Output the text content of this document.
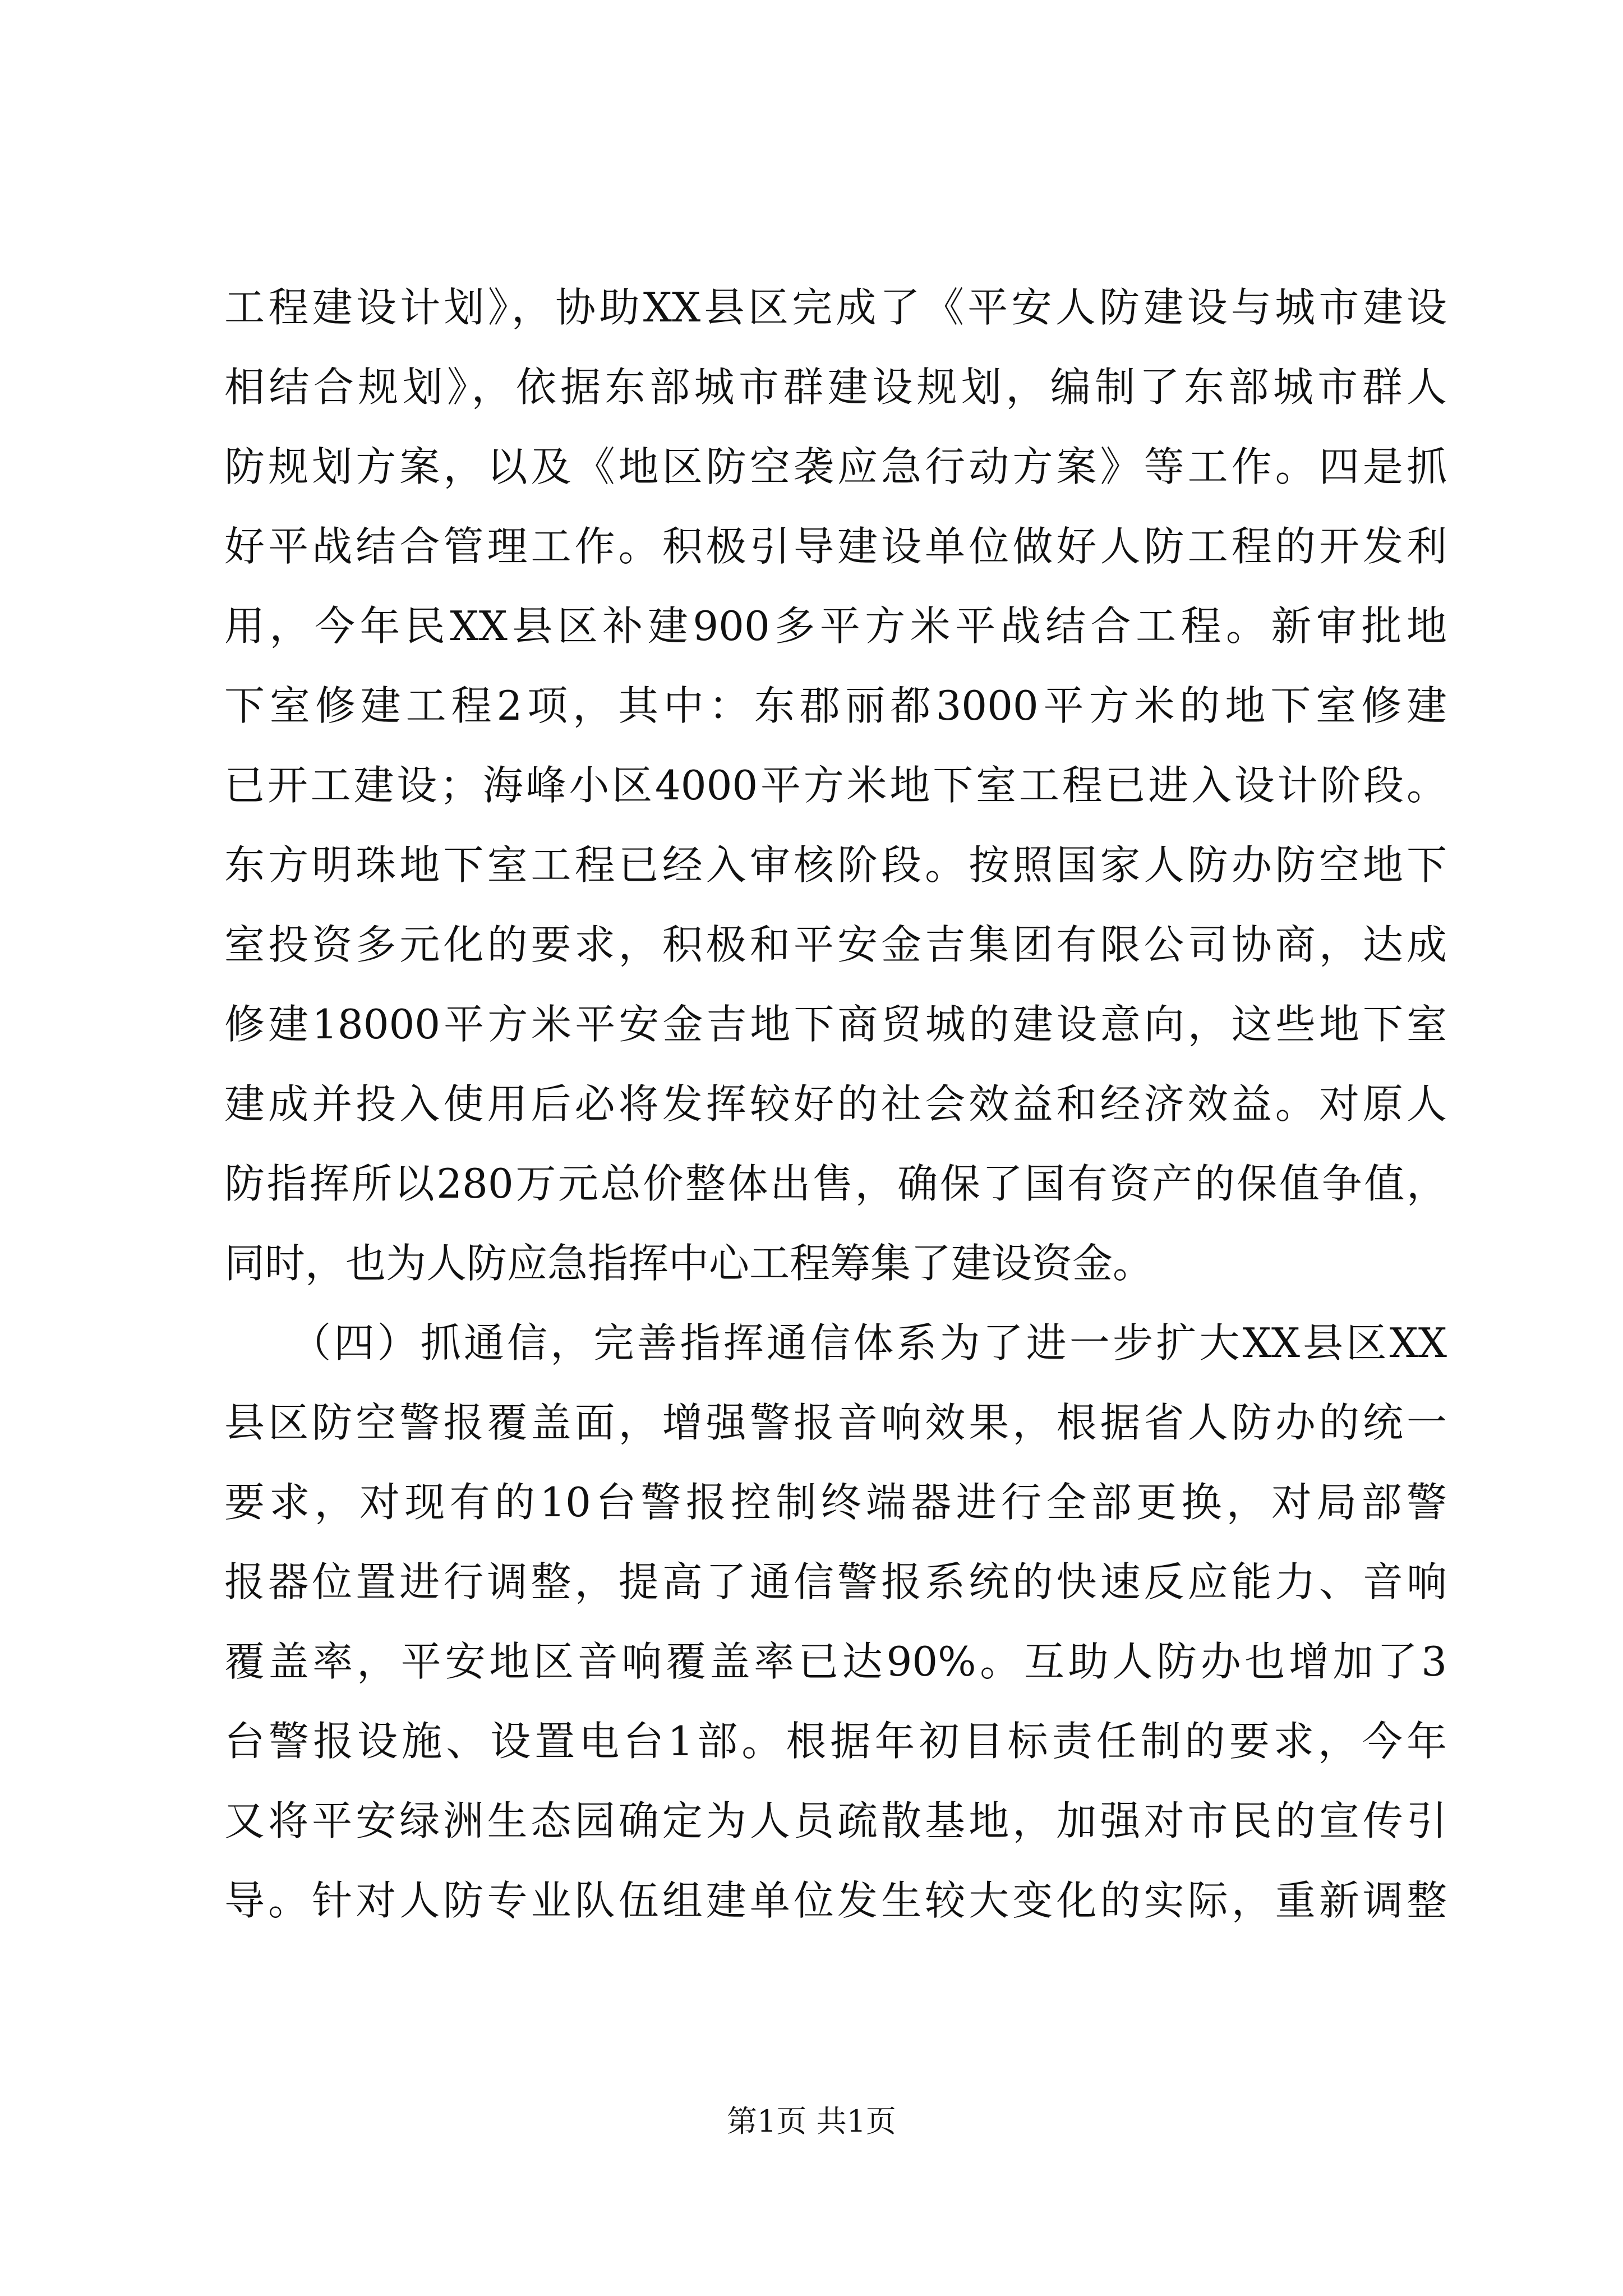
工程建设计划》，协助XX县区完成了《平安人防建设与城市建设
相结合规划》，依据东部城市群建设规划，编制了东部城市群人
防规划方案，以及《地区防空袭应急行动方案》等工作。四是抓
好平战结合管理工作。积极引导建设单位做好人防工程的开发利
用，今年民XX县区补建900多平方米平战结合工程。新审批地
下室修建工程2项，其中：东郡丽都3000平方米的地下室修建
已开工建设；海峰小区4000平方米地下室工程已进入设计阶段。
东方明珠地下室工程已经入审核阶段。按照国家人防办防空地下
室投资多元化的要求，积极和平安金吉集团有限公司协商，达成
修建18000平方米平安金吉地下商贸城的建设意向，这些地下室
建成并投入使用后必将发挥较好的社会效益和经济效益。对原人
防指挥所以280万元总价整体出售，确保了国有资产的保值争值，
同时，也为人防应急指挥中心工程筹集了建设资金。
　　（四）抓通信，完善指挥通信体系为了进一步扩大XX县区XX
县区防空警报覆盖面，增强警报音响效果，根据省人防办的统一
要求，对现有的10台警报控制终端器进行全部更换，对局部警
报器位置进行调整，提高了通信警报系统的快速反应能力、音响
覆盖率，平安地区音响覆盖率已达90%。互助人防办也增加了3
台警报设施、设置电台1部。根据年初目标责任制的要求，今年
又将平安绿洲生态园确定为人员疏散基地，加强对市民的宣传引
导。针对人防专业队伍组建单位发生较大变化的实际，重新调整
第1页 共1页
